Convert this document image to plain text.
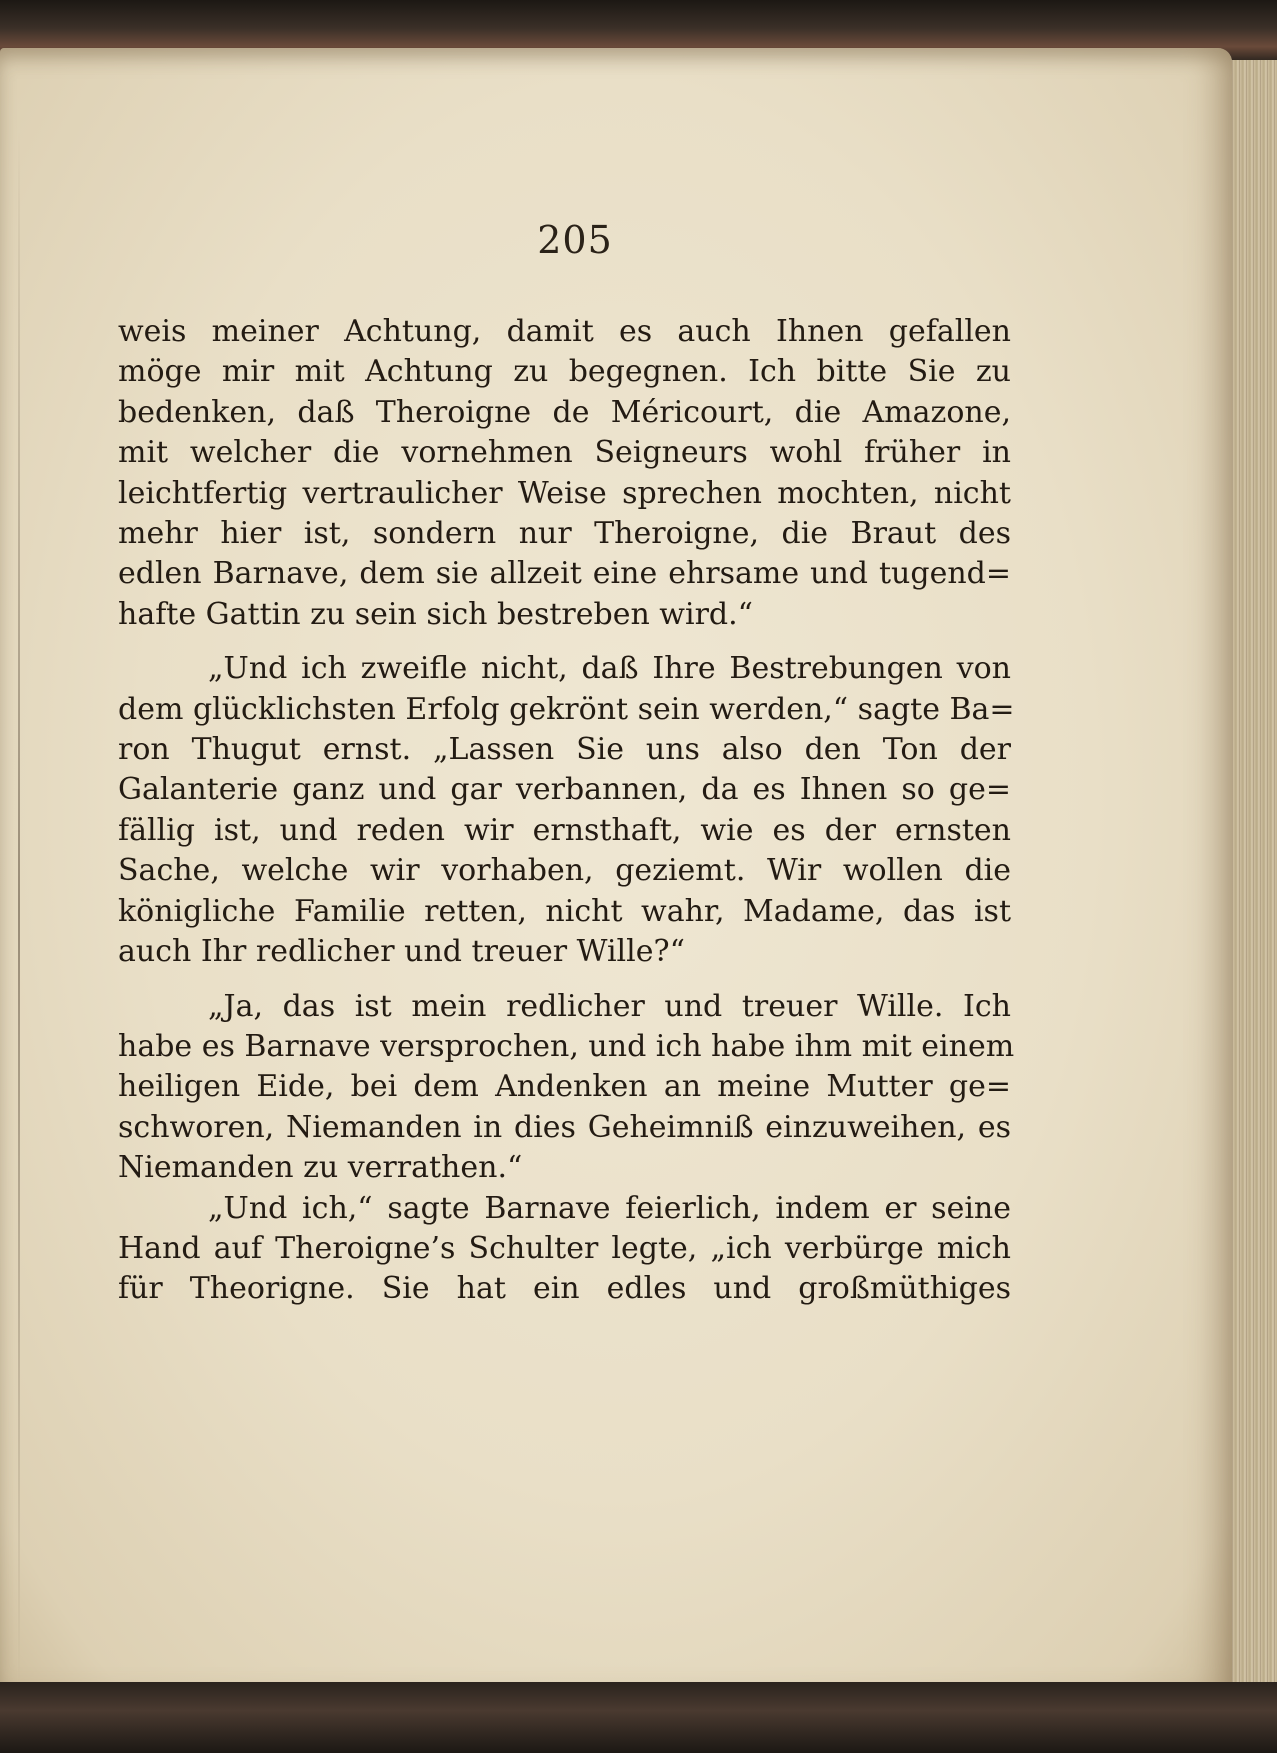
205
weis meiner Achtung, damit es auch Ihnen gefallen
möge mir mit Achtung zu begegnen. Ich bitte Sie zu
bedenken, daß Theroigne de Méricourt, die Amazone,
mit welcher die vornehmen Seigneurs wohl früher in
leichtfertig vertraulicher Weise sprechen mochten, nicht
mehr hier ist, sondern nur Theroigne, die Braut des
edlen Barnave, dem sie allzeit eine ehrsame und tugend=
hafte Gattin zu sein sich bestreben wird.“
„Und ich zweifle nicht, daß Ihre Bestrebungen von
dem glücklichsten Erfolg gekrönt sein werden,“ sagte Ba=
ron Thugut ernst. „Lassen Sie uns also den Ton der
Galanterie ganz und gar verbannen, da es Ihnen so ge=
fällig ist, und reden wir ernsthaft, wie es der ernsten
Sache, welche wir vorhaben, geziemt. Wir wollen die
königliche Familie retten, nicht wahr, Madame, das ist
auch Ihr redlicher und treuer Wille?“
„Ja, das ist mein redlicher und treuer Wille. Ich
habe es Barnave versprochen, und ich habe ihm mit einem
heiligen Eide, bei dem Andenken an meine Mutter ge=
schworen, Niemanden in dies Geheimniß einzuweihen, es
Niemanden zu verrathen.“
„Und ich,“ sagte Barnave feierlich, indem er seine
Hand auf Theroigne’s Schulter legte, „ich verbürge mich
für Theorigne. Sie hat ein edles und großmüthiges
